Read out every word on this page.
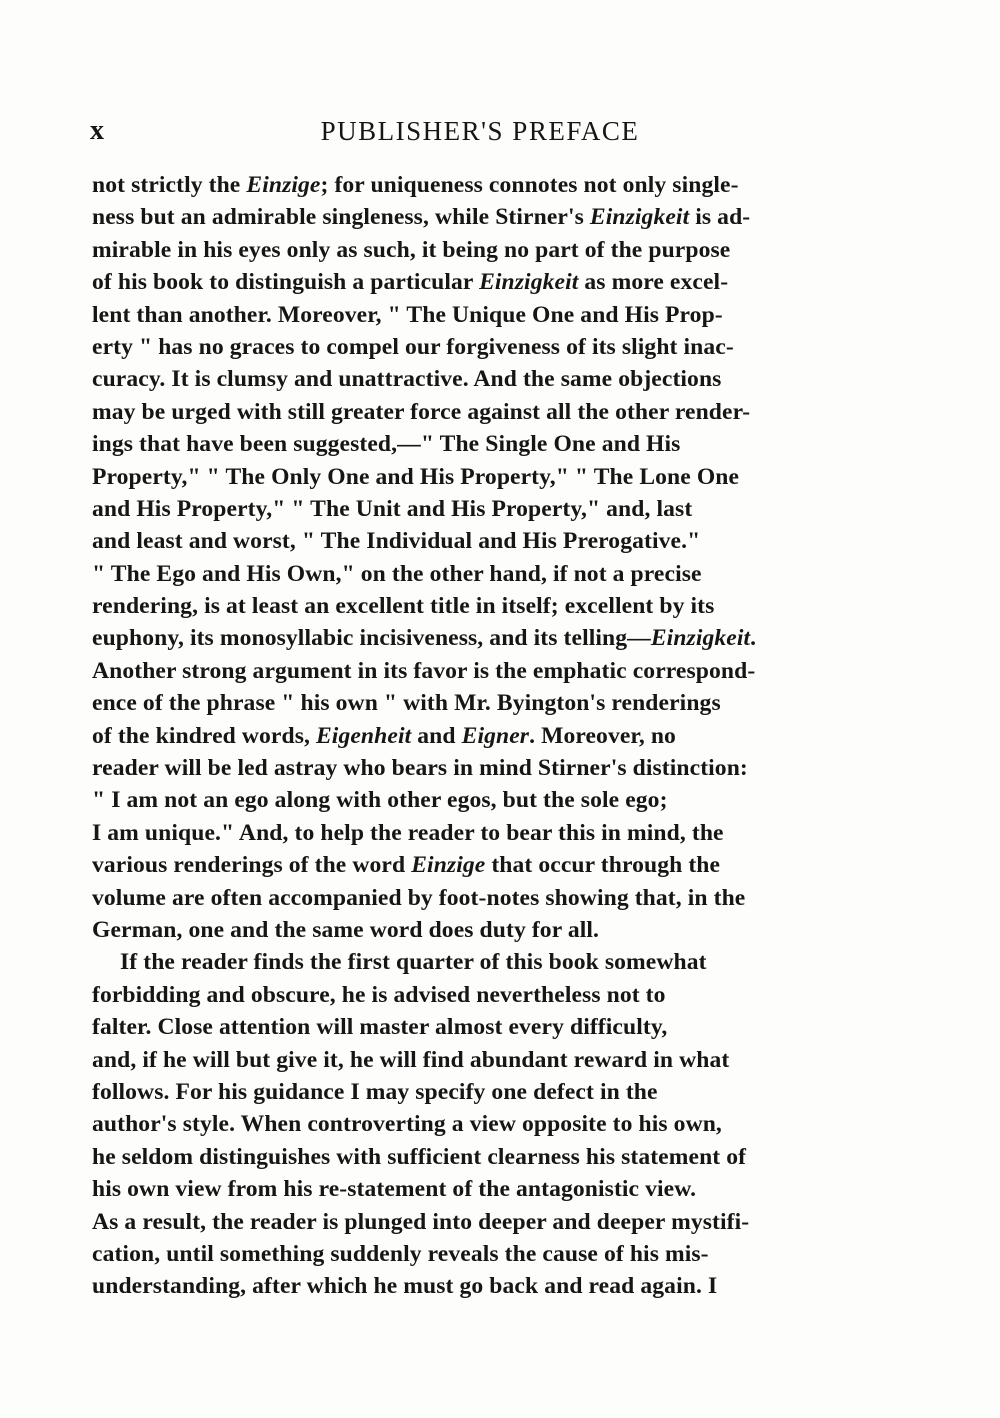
x	PUBLISHER'S PREFACE
not strictly the Einzige; for uniqueness connotes not only single-
ness but an admirable singleness, while Stirner's Einzigkeit is ad-
mirable in his eyes only as such, it being no part of the purpose
of his book to distinguish a particular Einzigkeit as more excel-
lent than another. Moreover, " The Unique One and His Prop-
erty " has no graces to compel our forgiveness of its slight inac-
curacy. It is clumsy and unattractive. And the same objections
may be urged with still greater force against all the other render-
ings that have been suggested,—" The Single One and His
Property," " The Only One and His Property," " The Lone One
and His Property," " The Unit and His Property," and, last
and least and worst, " The Individual and His Prerogative."
" The Ego and His Own," on the other hand, if not a precise
rendering, is at least an excellent title in itself; excellent by its
euphony, its monosyllabic incisiveness, and its telling—Einzigkeit.
Another strong argument in its favor is the emphatic correspond-
ence of the phrase " his own " with Mr. Byington's renderings
of the kindred words, Eigenheit and Eigner. Moreover, no
reader will be led astray who bears in mind Stirner's distinction:
" I am not an ego along with other egos, but the sole ego;
I am unique." And, to help the reader to bear this in mind, the
various renderings of the word Einzige that occur through the
volume are often accompanied by foot-notes showing that, in the
German, one and the same word does duty for all.
If the reader finds the first quarter of this book somewhat
forbidding and obscure, he is advised nevertheless not to
falter. Close attention will master almost every difficulty,
and, if he will but give it, he will find abundant reward in what
follows. For his guidance I may specify one defect in the
author's style. When controverting a view opposite to his own,
he seldom distinguishes with sufficient clearness his statement of
his own view from his re-statement of the antagonistic view.
As a result, the reader is plunged into deeper and deeper mystifi-
cation, until something suddenly reveals the cause of his mis-
understanding, after which he must go back and read again. I
